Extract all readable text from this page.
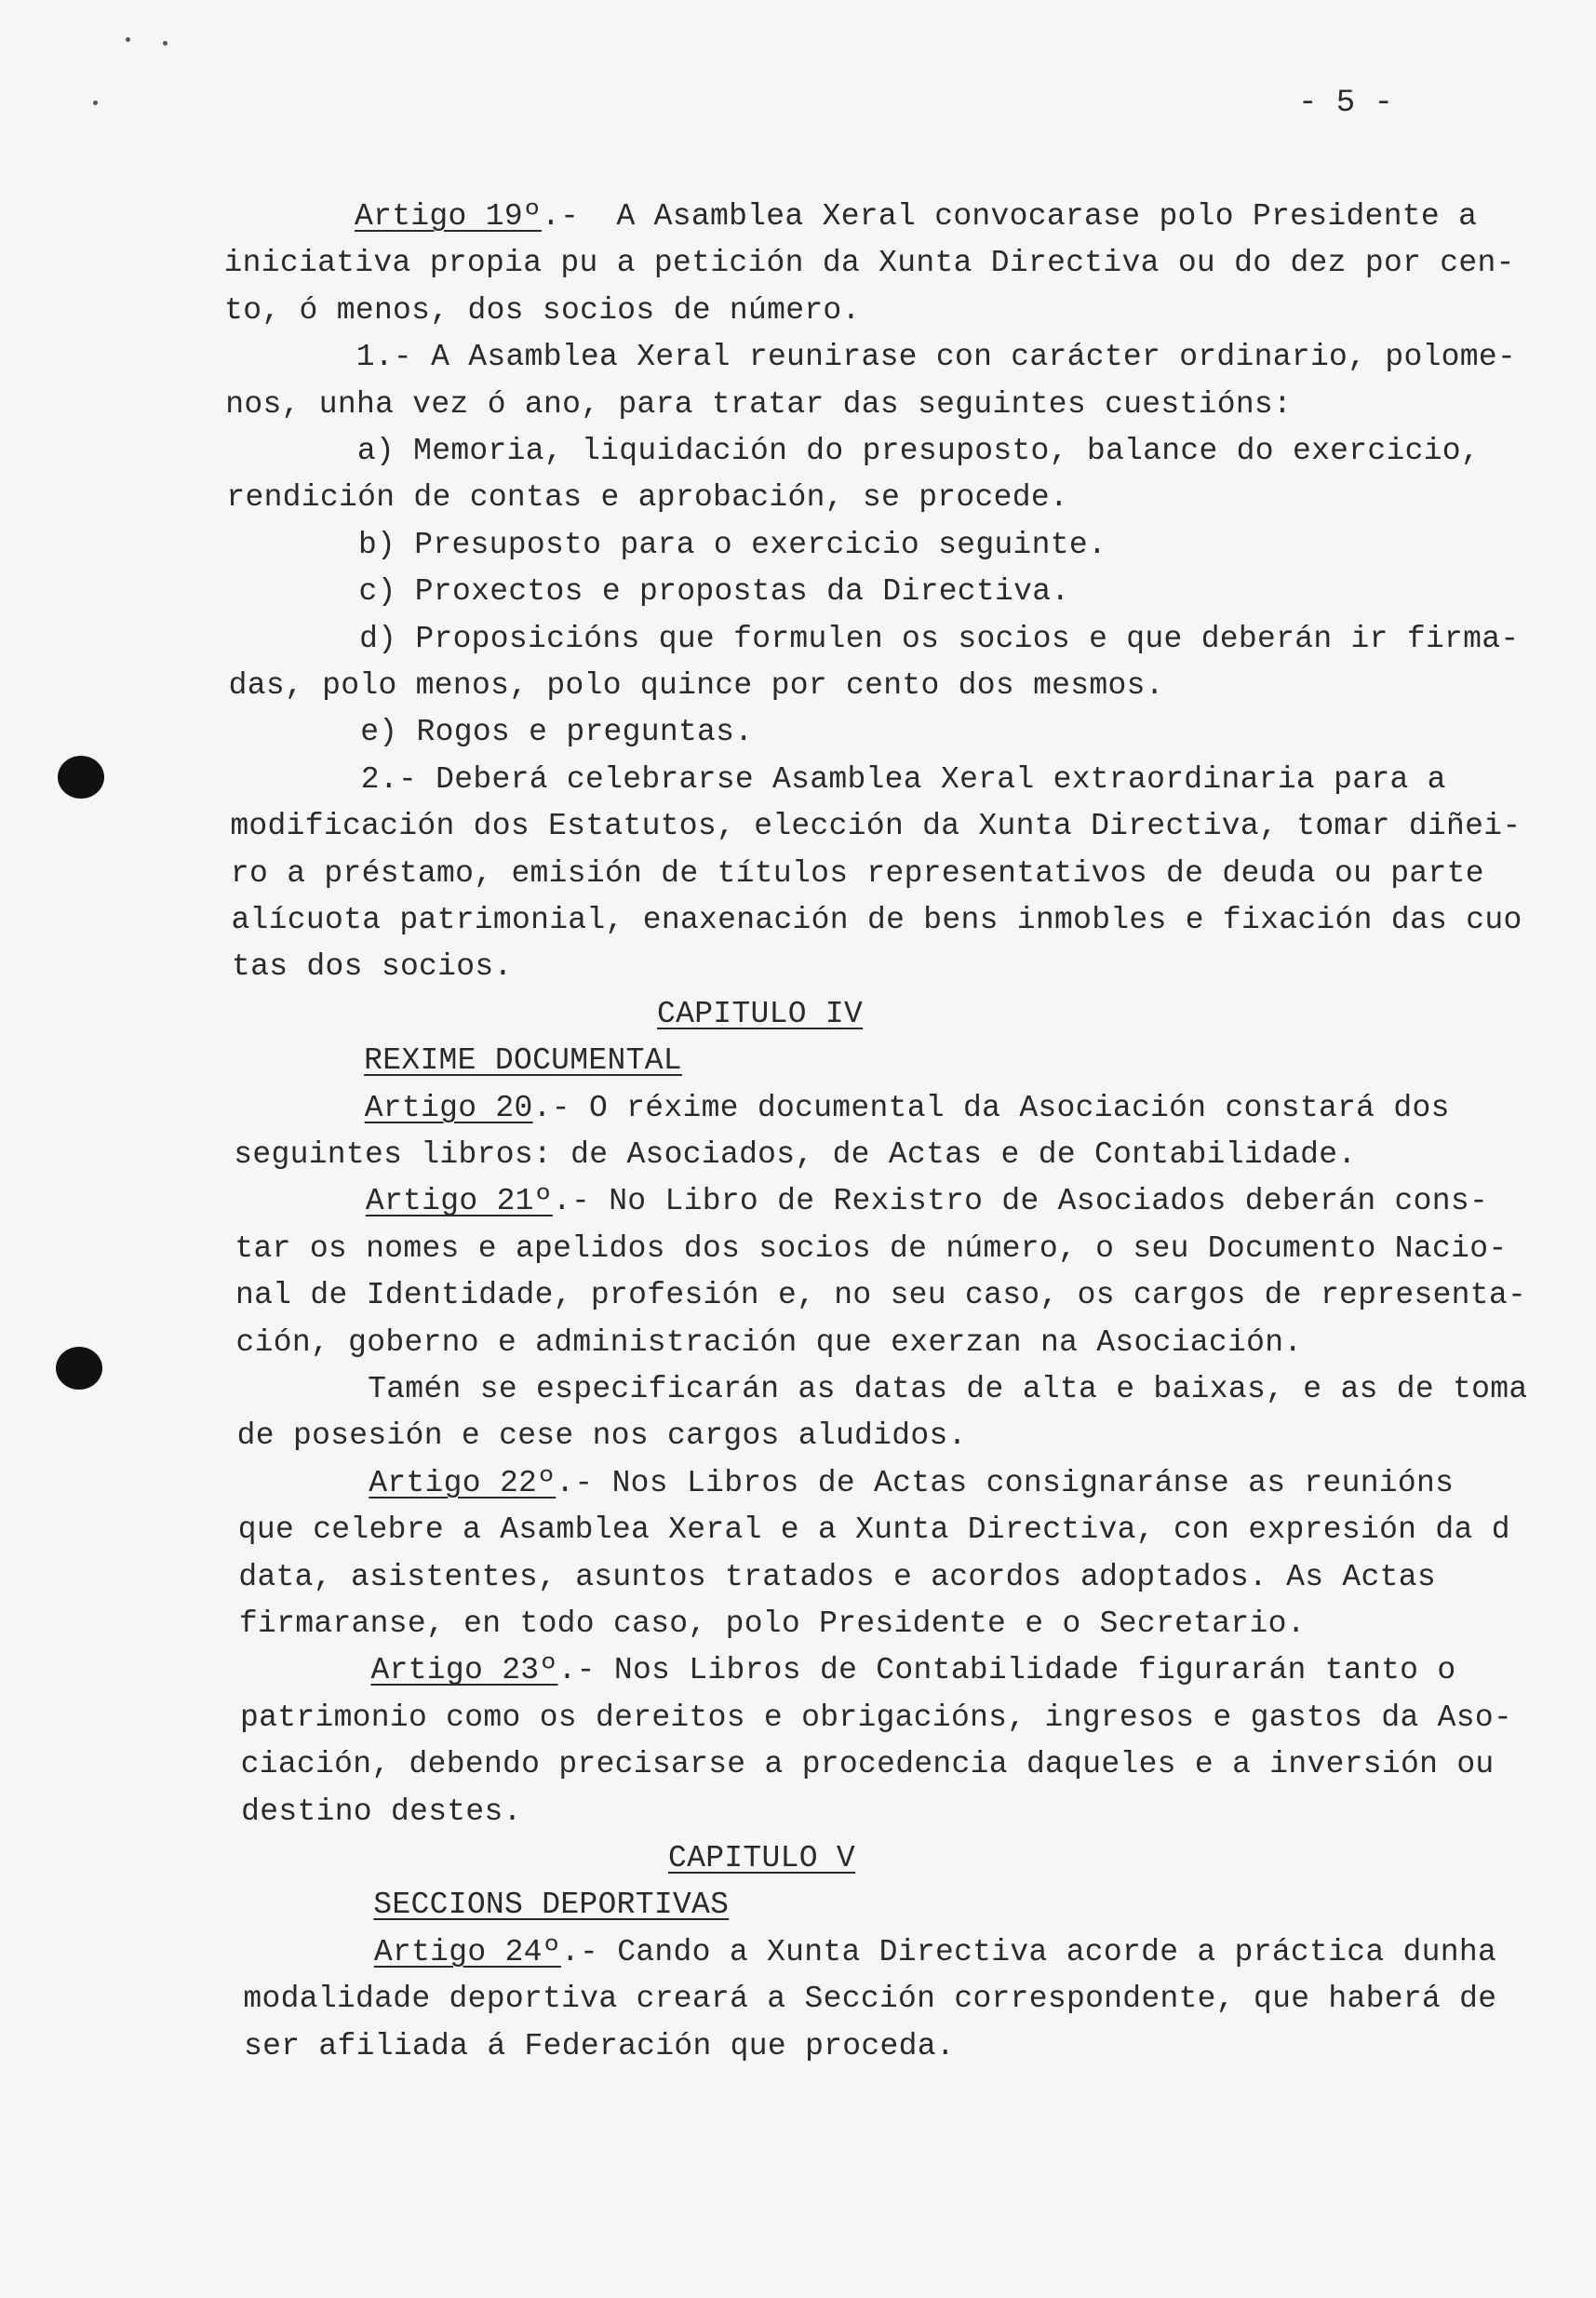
- 5 -
Artigo 19º.-  A Asamblea Xeral convocarase polo Presidente a
iniciativa propia pu a petición da Xunta Directiva ou do dez por cen-
to, ó menos, dos socios de número.
1.- A Asamblea Xeral reunirase con carácter ordinario, polome-
nos, unha vez ó ano, para tratar das seguintes cuestións:
a) Memoria, liquidación do presuposto, balance do exercicio,
rendición de contas e aprobación, se procede.
b) Presuposto para o exercicio seguinte.
c) Proxectos e propostas da Directiva.
d) Proposicións que formulen os socios e que deberán ir firma-
das, polo menos, polo quince por cento dos mesmos.
e) Rogos e preguntas.
2.- Deberá celebrarse Asamblea Xeral extraordinaria para a
modificación dos Estatutos, elección da Xunta Directiva, tomar diñei-
ro a préstamo, emisión de títulos representativos de deuda ou parte
alícuota patrimonial, enaxenación de bens inmobles e fixación das cuo
tas dos socios.
CAPITULO IV
REXIME DOCUMENTAL
Artigo 20.- O réxime documental da Asociación constará dos
seguintes libros: de Asociados, de Actas e de Contabilidade.
Artigo 21º.- No Libro de Rexistro de Asociados deberán cons-
tar os nomes e apelidos dos socios de número, o seu Documento Nacio-
nal de Identidade, profesión e, no seu caso, os cargos de representa-
ción, goberno e administración que exerzan na Asociación.
Tamén se especificarán as datas de alta e baixas, e as de toma
de posesión e cese nos cargos aludidos.
Artigo 22º.- Nos Libros de Actas consignaránse as reunións
que celebre a Asamblea Xeral e a Xunta Directiva, con expresión da d
data, asistentes, asuntos tratados e acordos adoptados. As Actas
firmaranse, en todo caso, polo Presidente e o Secretario.
Artigo 23º.- Nos Libros de Contabilidade figurarán tanto o
patrimonio como os dereitos e obrigacións, ingresos e gastos da Aso-
ciación, debendo precisarse a procedencia daqueles e a inversión ou
destino destes.
CAPITULO V
SECCIONS DEPORTIVAS
Artigo 24º.- Cando a Xunta Directiva acorde a práctica dunha
modalidade deportiva creará a Sección correspondente, que haberá de
ser afiliada á Federación que proceda.
